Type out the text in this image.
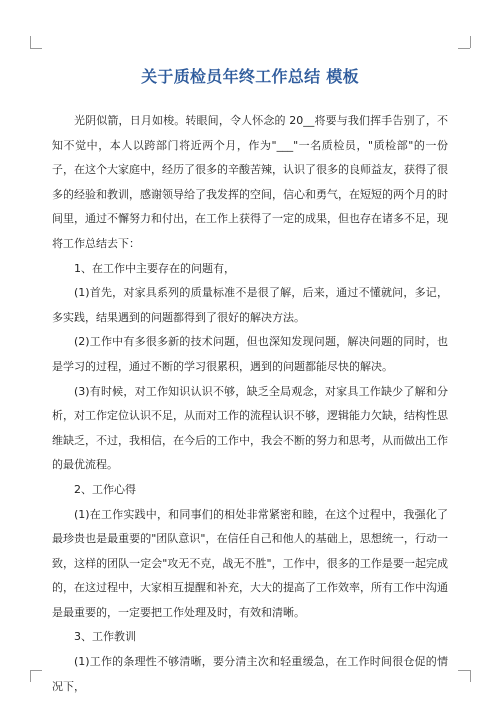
关于质检员年终工作总结 模板

光阴似箭，日月如梭。转眼间，令人怀念的 20__将要与我们挥手告别了，不知不觉中，本人以跨部门将近两个月，作为"___"一名质检员，"质检部"的一份子，在这个大家庭中，经历了很多的辛酸苦辣，认识了很多的良师益友，获得了很多的经验和教训，感谢领导给了我发挥的空间，信心和勇气，在短短的两个月的时间里，通过不懈努力和付出，在工作上获得了一定的成果，但也存在诸多不足，现将工作总结去下：

1、在工作中主要存在的问题有，

(1)首先，对家具系列的质量标准不是很了解，后来，通过不懂就问，多记，多实践，结果遇到的问题都得到了很好的解决方法。

(2)工作中有多很多新的技术问题，但也深知发现问题，解决问题的同时，也是学习的过程，通过不断的学习很累积，遇到的问题都能尽快的解决。

(3)有时候，对工作知识认识不够，缺乏全局观念，对家具工作缺少了解和分析，对工作定位认识不足，从而对工作的流程认识不够，逻辑能力欠缺，结构性思维缺乏，不过，我相信，在今后的工作中，我会不断的努力和思考，从而做出工作的最优流程。

2、工作心得

(1)在工作实践中，和同事们的相处非常紧密和睦，在这个过程中，我强化了最珍贵也是最重要的"团队意识"，在信任自己和他人的基础上，思想统一，行动一致，这样的团队一定会"攻无不克，战无不胜"，工作中，很多的工作是要一起完成的，在这过程中，大家相互提醒和补充，大大的提高了工作效率，所有工作中沟通是最重要的，一定要把工作处理及时，有效和清晰。

3、工作教训

(1)工作的条理性不够清晰，要分清主次和轻重缓急，在工作时间很仓促的情况下，
